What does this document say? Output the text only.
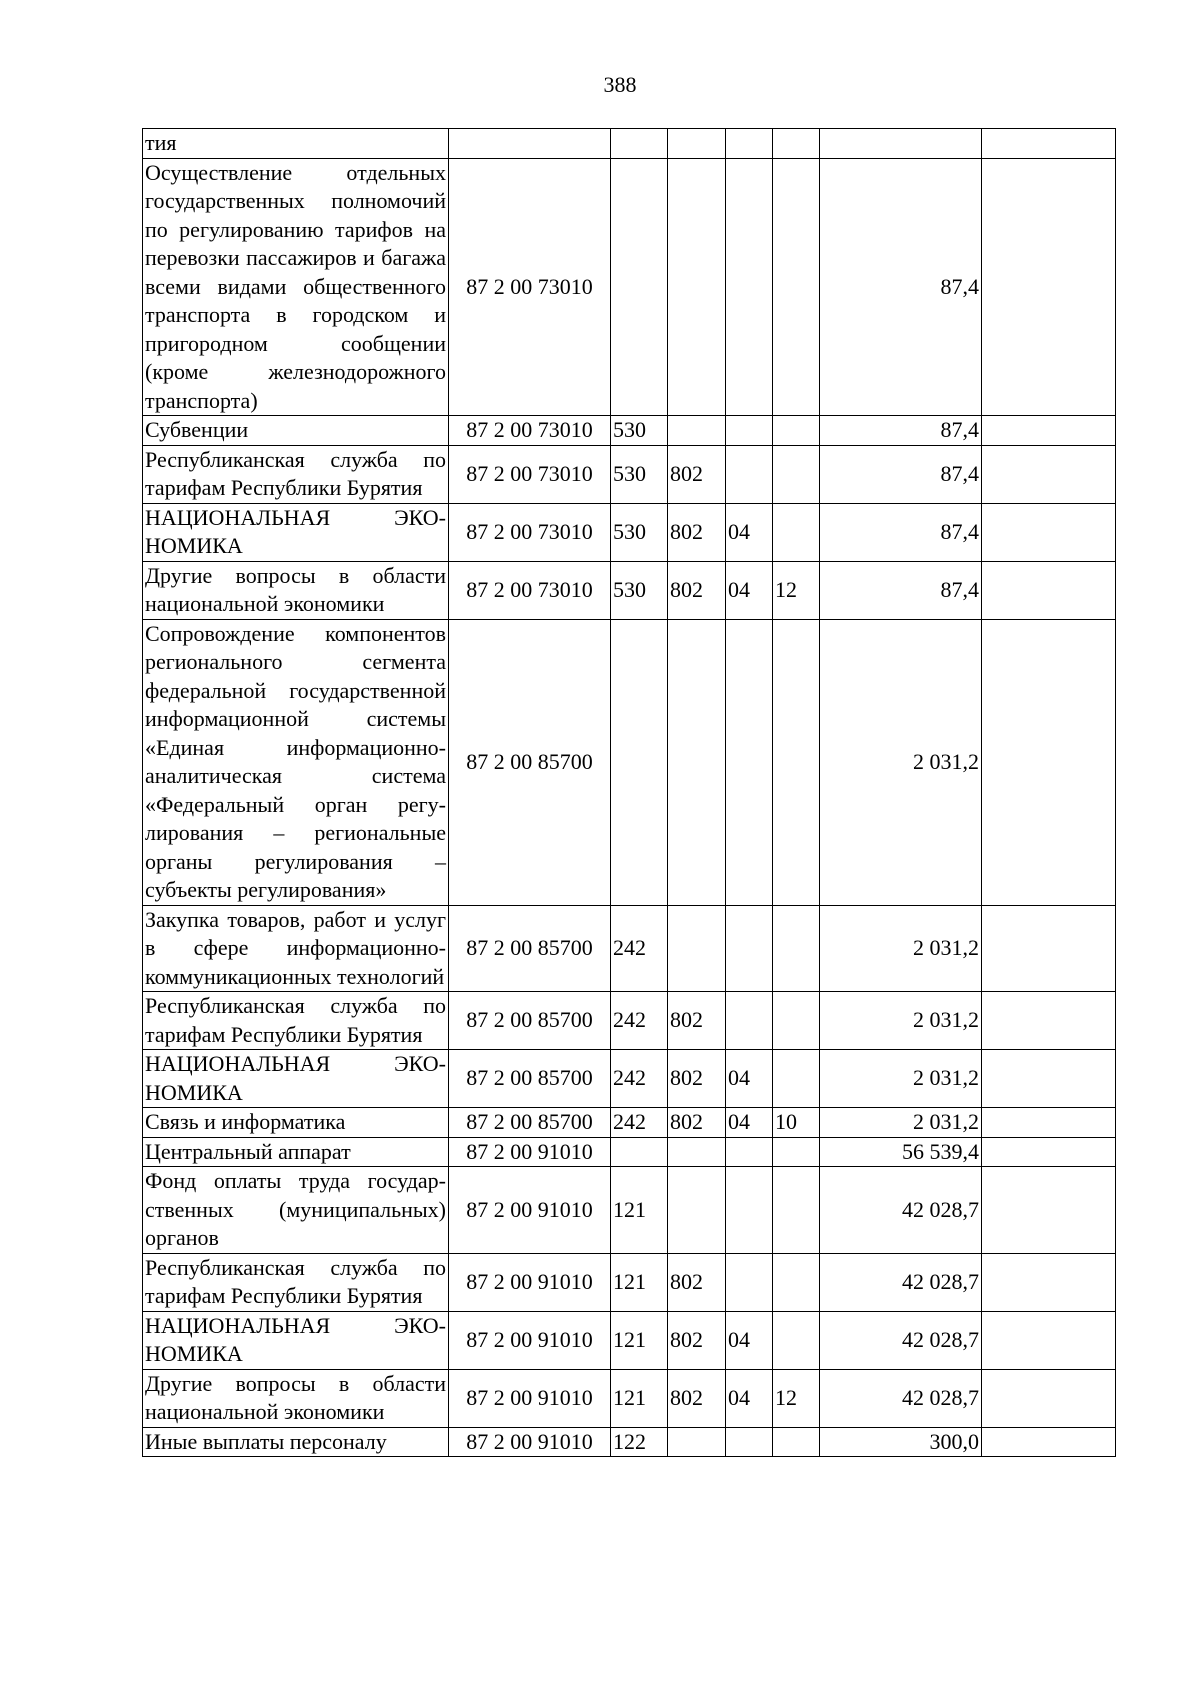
388
тия							
Осуществление отдельных государственных полномочий по регулированию тарифов на перевозки пассажиров и багажа всеми видами общественного транспорта в городском и пригородном сообщении (кроме железнодорожного транспорта)	87 2 00 73010					87,4	
Субвенции	87 2 00 73010	530				87,4	
Республиканская служба по тарифам Республики Бурятия	87 2 00 73010	530	802			87,4	
НАЦИОНАЛЬНАЯ ЭКОНОМИКА	87 2 00 73010	530	802	04		87,4	
Другие вопросы в области национальной экономики	87 2 00 73010	530	802	04	12	87,4	
Сопровождение компонентов регионального сегмента федеральной государственной информационной системы «Единая информационно-аналитическая система «Федеральный орган регулирования – региональные органы регулирования – субъекты регулирования»	87 2 00 85700					2 031,2	
Закупка товаров, работ и услуг в сфере информационно-коммуникационных технологий	87 2 00 85700	242				2 031,2	
Республиканская служба по тарифам Республики Бурятия	87 2 00 85700	242	802			2 031,2	
НАЦИОНАЛЬНАЯ ЭКОНОМИКА	87 2 00 85700	242	802	04		2 031,2	
Связь и информатика	87 2 00 85700	242	802	04	10	2 031,2	
Центральный аппарат	87 2 00 91010					56 539,4	
Фонд оплаты труда государственных (муниципальных) органов	87 2 00 91010	121				42 028,7	
Республиканская служба по тарифам Республики Бурятия	87 2 00 91010	121	802			42 028,7	
НАЦИОНАЛЬНАЯ ЭКОНОМИКА	87 2 00 91010	121	802	04		42 028,7	
Другие вопросы в области национальной экономики	87 2 00 91010	121	802	04	12	42 028,7	
Иные выплаты персоналу	87 2 00 91010	122				300,0	
